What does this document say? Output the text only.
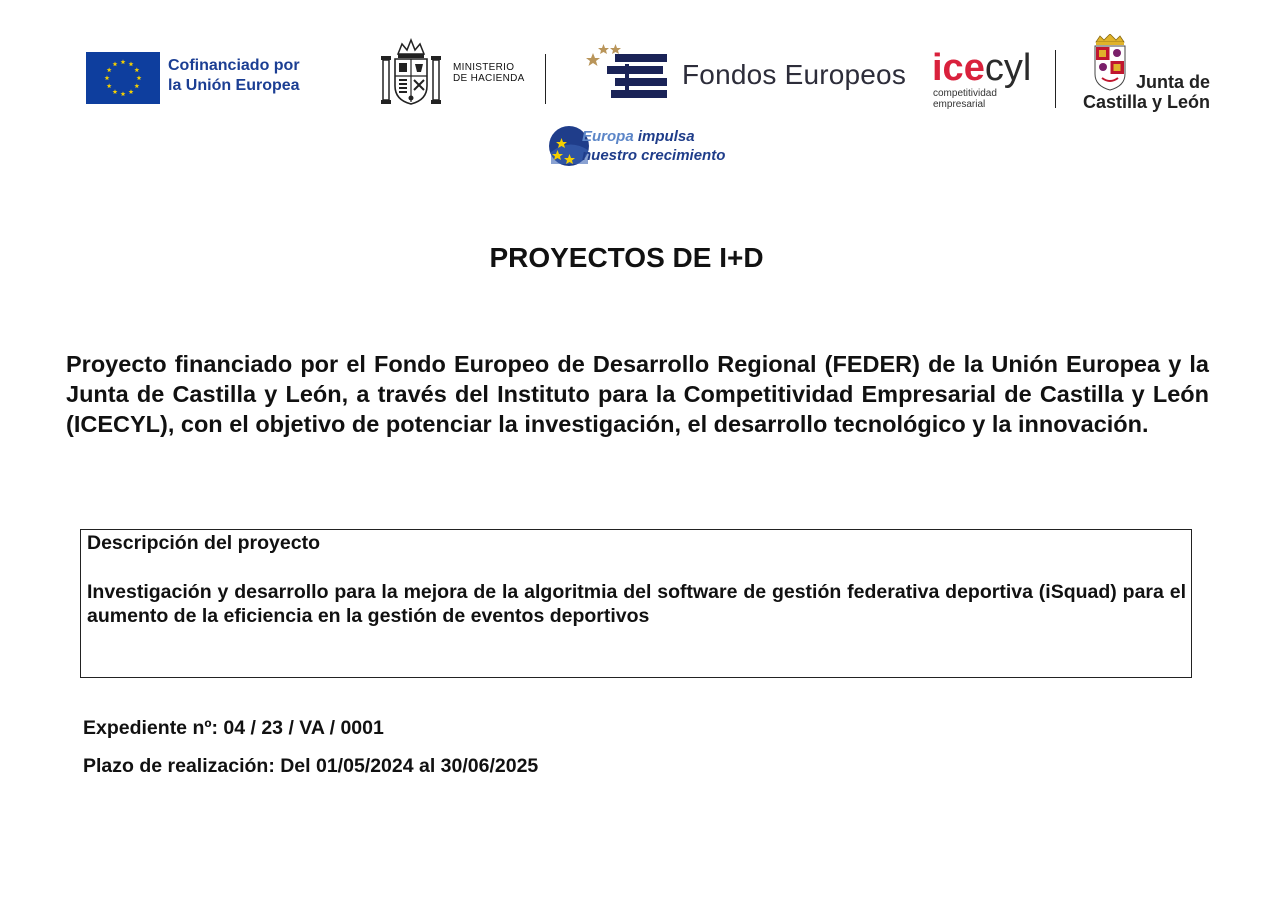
Cofinanciado por
la Unión Europea
MINISTERIO
DE HACIENDA	Fondos Europeos icecyl
competitividad
empresarial
Junta de
Castilla y León
Europa impulsa
nuestro crecimiento
PROYECTOS DE I+D
Proyecto financiado por el Fondo Europeo de Desarrollo Regional (FEDER) de la Unión Europea y la Junta de Castilla y León, a través del Instituto para la Competitividad Empresarial de Castilla y León (ICECYL), con el objetivo de potenciar la investigación, el desarrollo tecnológico y la innovación.
Descripción del proyecto
Investigación y desarrollo para la mejora de la algoritmia del software de gestión federativa deportiva (iSquad) para el aumento de la eficiencia en la gestión de eventos deportivos
Expediente nº: 04 / 23 / VA / 0001
Plazo de realización: Del 01/05/2024 al 30/06/2025
